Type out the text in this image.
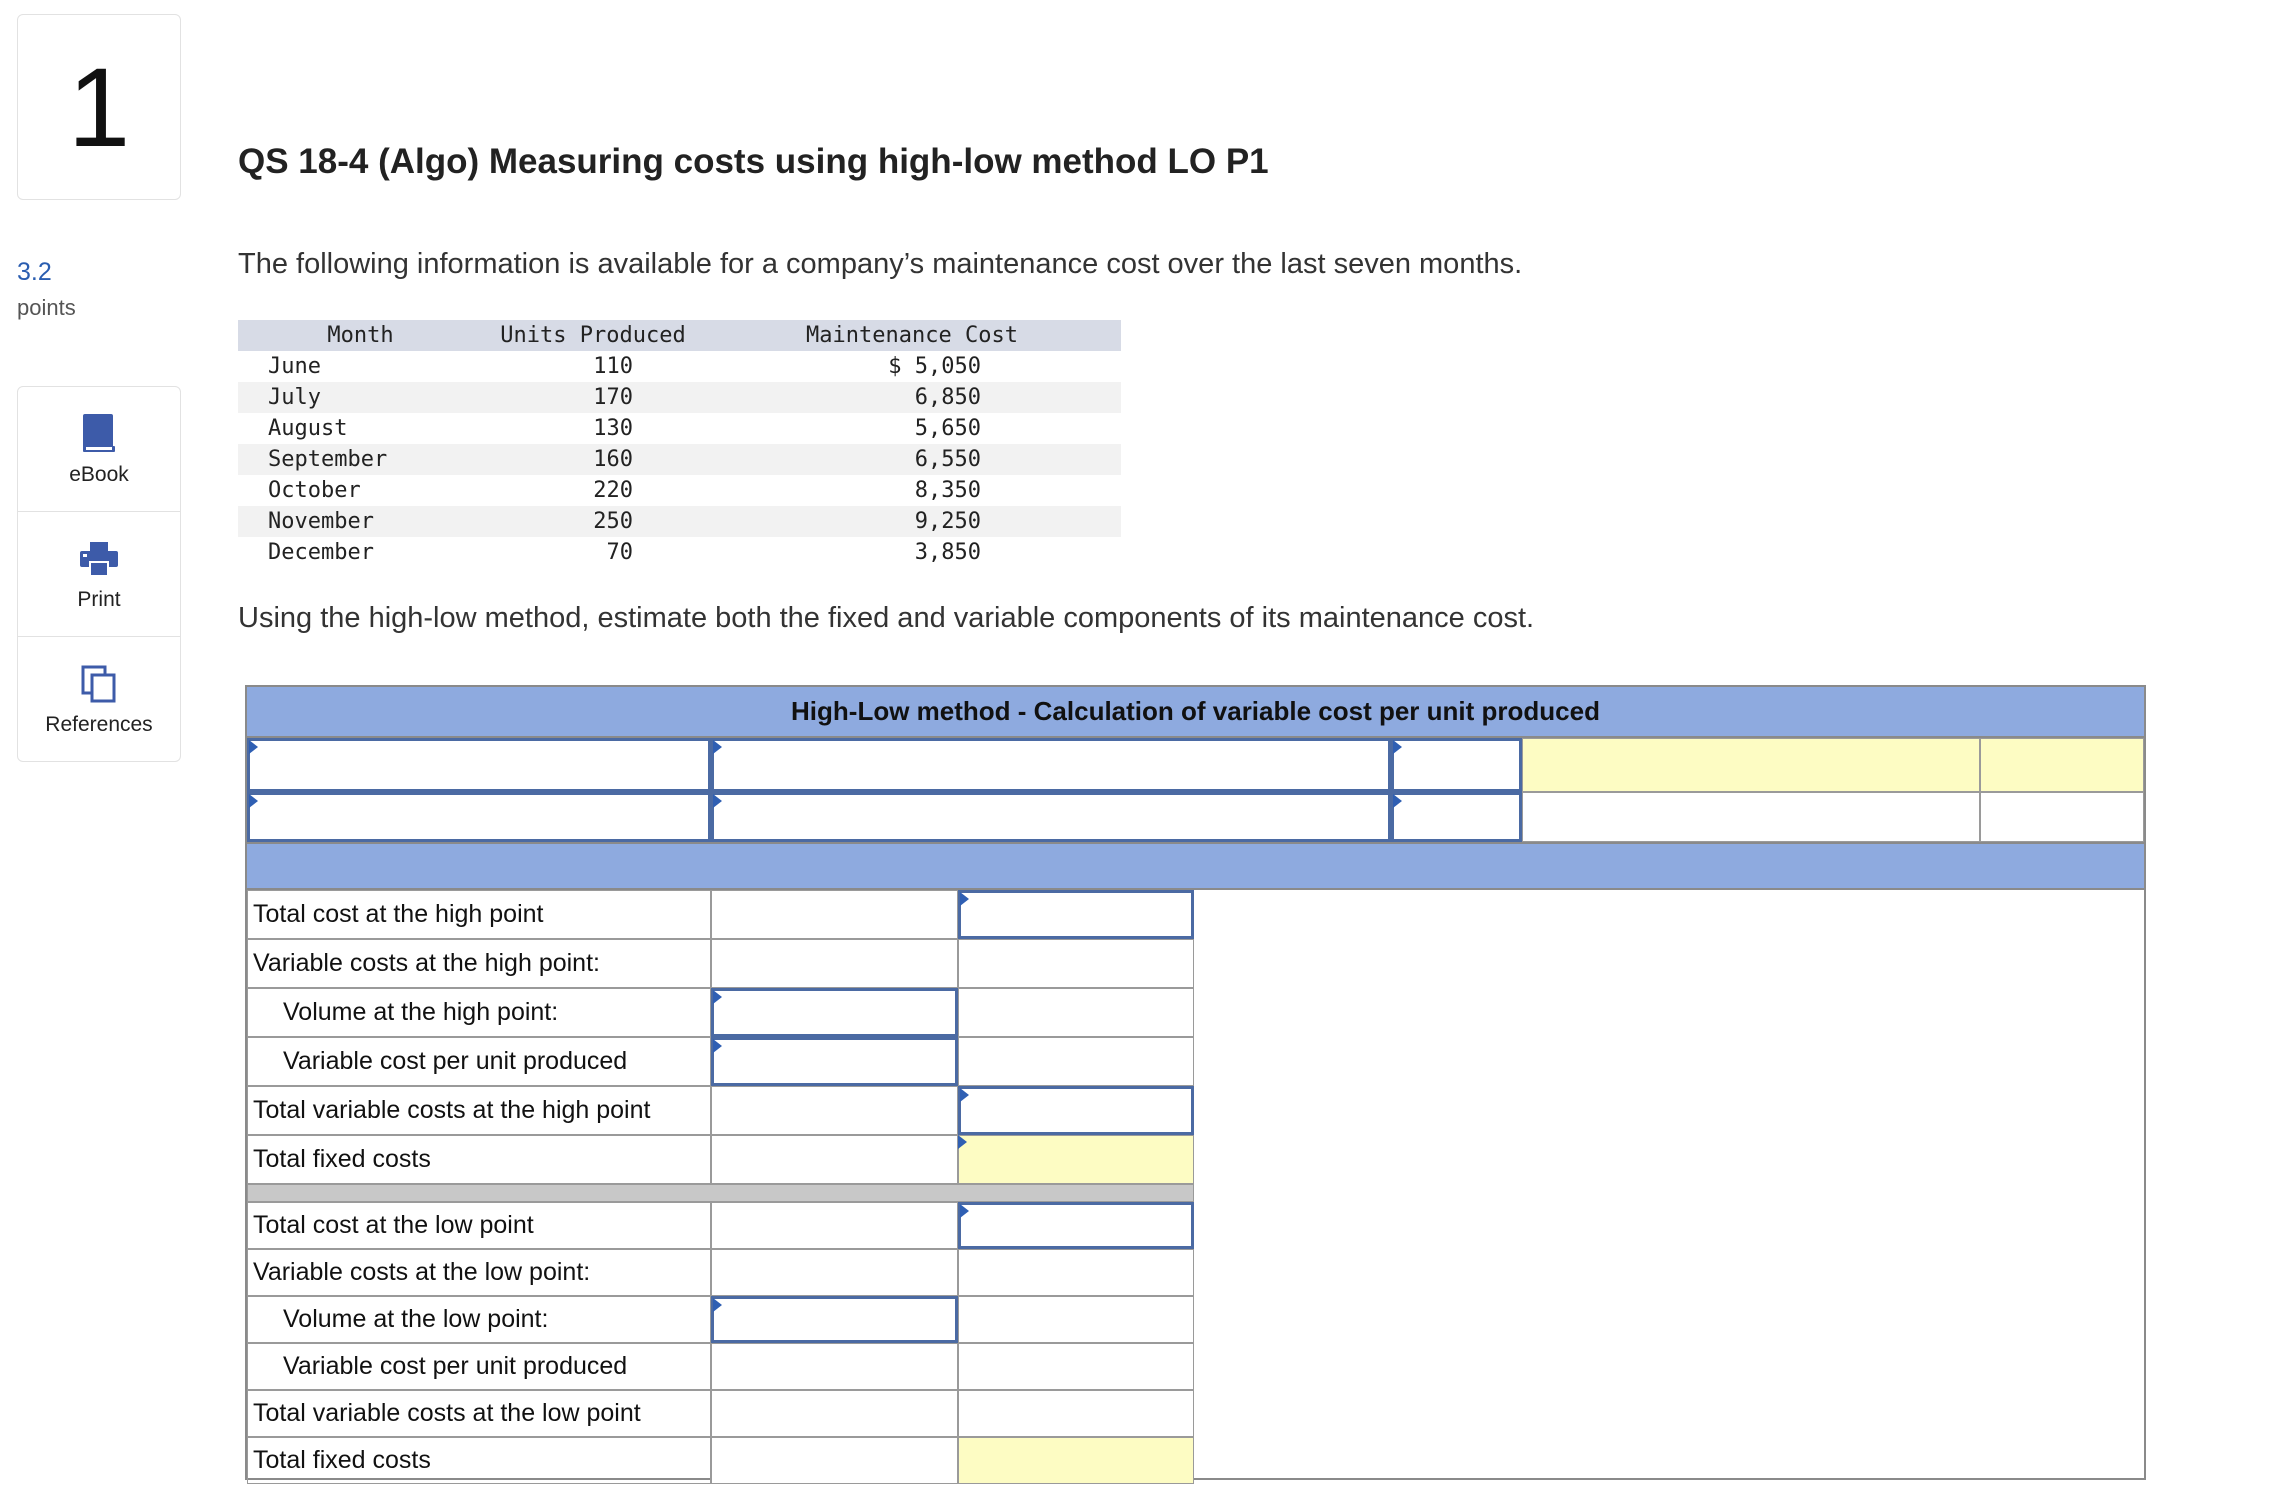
1
3.2
points
eBook
Print
References
QS 18-4 (Algo) Measuring costs using high-low method LO P1

The following information is available for a company’s maintenance cost over the last seven months.

Month	Units Produced	Maintenance Cost
June	110	$ 5,050
July	170	6,850
August	130	5,650
September	160	6,550
October	220	8,350
November	250	9,250
December	70	3,850

Using the high-low method, estimate both the fixed and variable components of its maintenance cost.

High-Low method - Calculation of variable cost per unit produced
Total cost at the high point
Variable costs at the high point:
Volume at the high point:
Variable cost per unit produced
Total variable costs at the high point
Total fixed costs
Total cost at the low point
Variable costs at the low point:
Volume at the low point:
Variable cost per unit produced
Total variable costs at the low point
Total fixed costs
